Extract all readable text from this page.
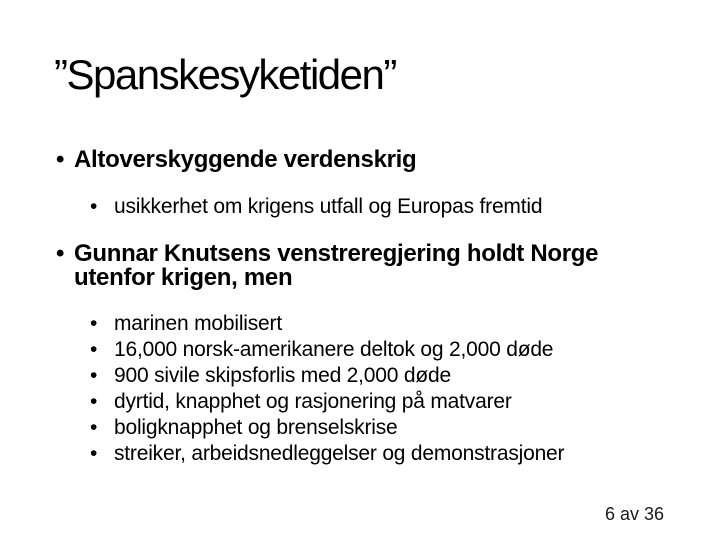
”Spanskesyketiden”
• Altoverskyggende verdenskrig
• usikkerhet om krigens utfall og Europas fremtid
• Gunnar Knutsens venstreregjering holdt Norge
utenfor krigen, men
• marinen mobilisert
• 16,000 norsk-amerikanere deltok og 2,000 døde
• 900 sivile skipsforlis med 2,000 døde
• dyrtid, knapphet og rasjonering på matvarer
• boligknapphet og brenselskrise
• streiker, arbeidsnedleggelser og demonstrasjoner
6 av 36
